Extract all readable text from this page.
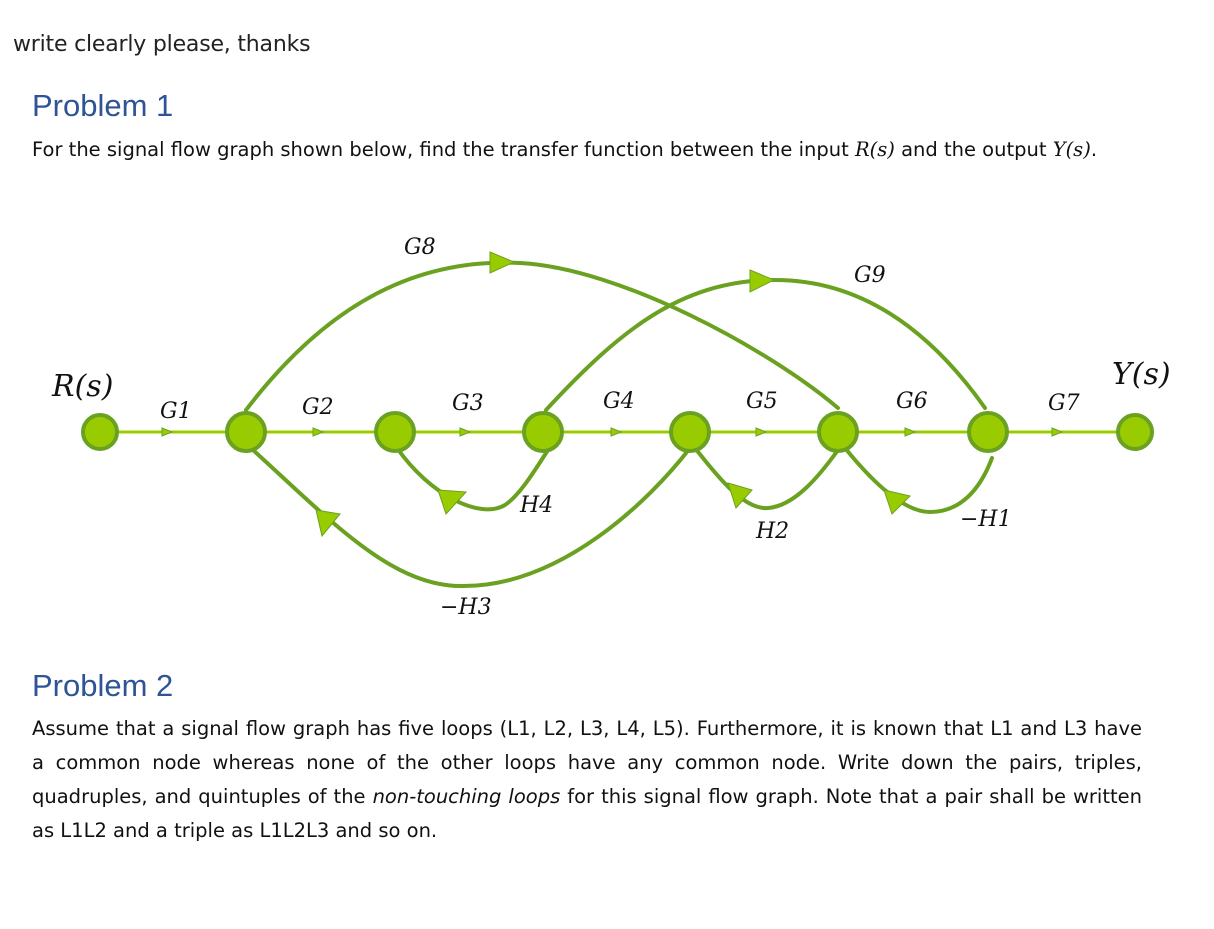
write clearly please, thanks
Problem 1
For the signal flow graph shown below, find the transfer function between the input R(s) and the output Y(s).
R(s)	Y(s)
G1	G2	G3	G4	G5	G6	G7
G8
G9
H4
H2	−H1
−H3
Problem 2
Assume that a signal flow graph has five loops (L1, L2, L3, L4, L5). Furthermore, it is known that L1 and L3 have a common node whereas none of the other loops have any common node. Write down the pairs, triples, quadruples, and quintuples of the non-touching loops for this signal flow graph. Note that a pair shall be written as L1L2 and a triple as L1L2L3 and so on.
